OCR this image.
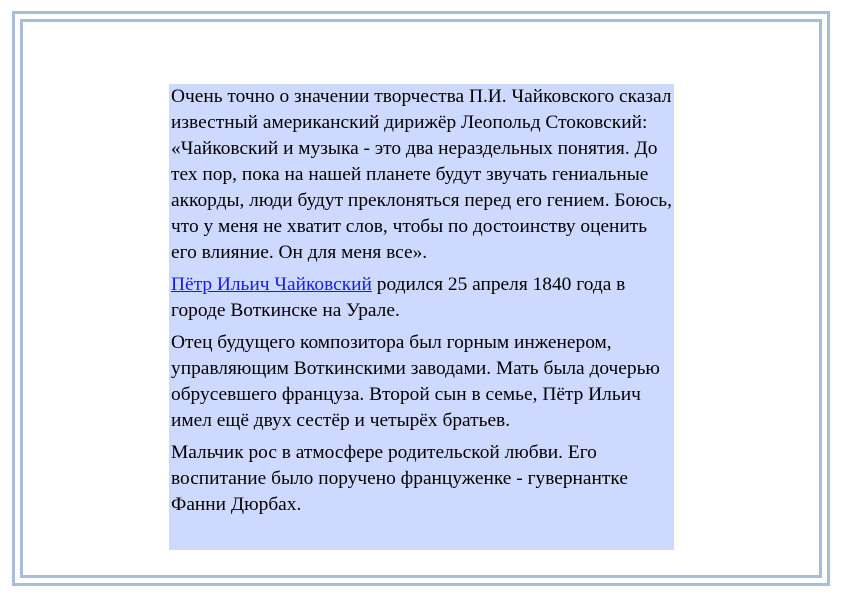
Очень точно о значении творчества П.И. Чайковского сказал известный американский дирижёр Леопольд Стоковский: «Чайковский и музыка - это два нераздельных понятия. До тех пор, пока на нашей планете будут звучать гениальные аккорды, люди будут преклоняться перед его гением. Боюсь, что у меня не хватит слов, чтобы по достоинству оценить его влияние. Он для меня все».

Пётр Ильич Чайковский родился 25 апреля 1840 года в городе Воткинске на Урале.

Отец будущего композитора был горным инженером, управляющим Воткинскими заводами. Мать была дочерью обрусевшего француза. Второй сын в семье, Пётр Ильич имел ещё двух сестёр и четырёх братьев.

Мальчик рос в атмосфере родительской любви. Его воспитание было поручено француженке - гувернантке Фанни Дюрбах.
